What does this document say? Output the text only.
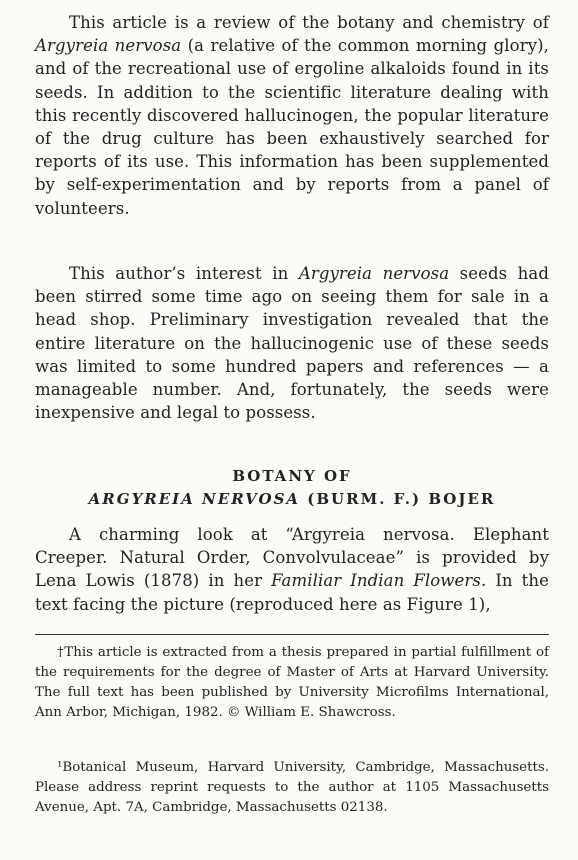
This article is a review of the botany and chemistry of Argyreia nervosa (a relative of the common morning glory), and of the recreational use of ergoline alkaloids found in its seeds. In addition to the scientific literature dealing with this recently discovered hallucinogen, the popular literature of the drug culture has been exhaustively searched for reports of its use. This information has been supplemented by self-experimentation and by reports from a panel of volunteers.

This author’s interest in Argyreia nervosa seeds had been stirred some time ago on seeing them for sale in a head shop. Preliminary investigation revealed that the entire literature on the hallucinogenic use of these seeds was limited to some hundred papers and references — a manageable number. And, fortunately, the seeds were inexpensive and legal to possess.

BOTANY OF
ARGYREIA NERVOSA (BURM. F.) BOJER

A charming look at “Argyreia nervosa. Elephant Creeper. Natural Order, Convolvulaceae” is provided by Lena Lowis (1878) in her Familiar Indian Flowers. In the text facing the picture (reproduced here as Figure 1),

†This article is extracted from a thesis prepared in partial fulfillment of the requirements for the degree of Master of Arts at Harvard University. The full text has been published by University Microfilms International, Ann Arbor, Michigan, 1982. © William E. Shawcross.

¹Botanical Museum, Harvard University, Cambridge, Massachusetts. Please address reprint requests to the author at 1105 Massachusetts Avenue, Apt. 7A, Cambridge, Massachusetts 02138.
